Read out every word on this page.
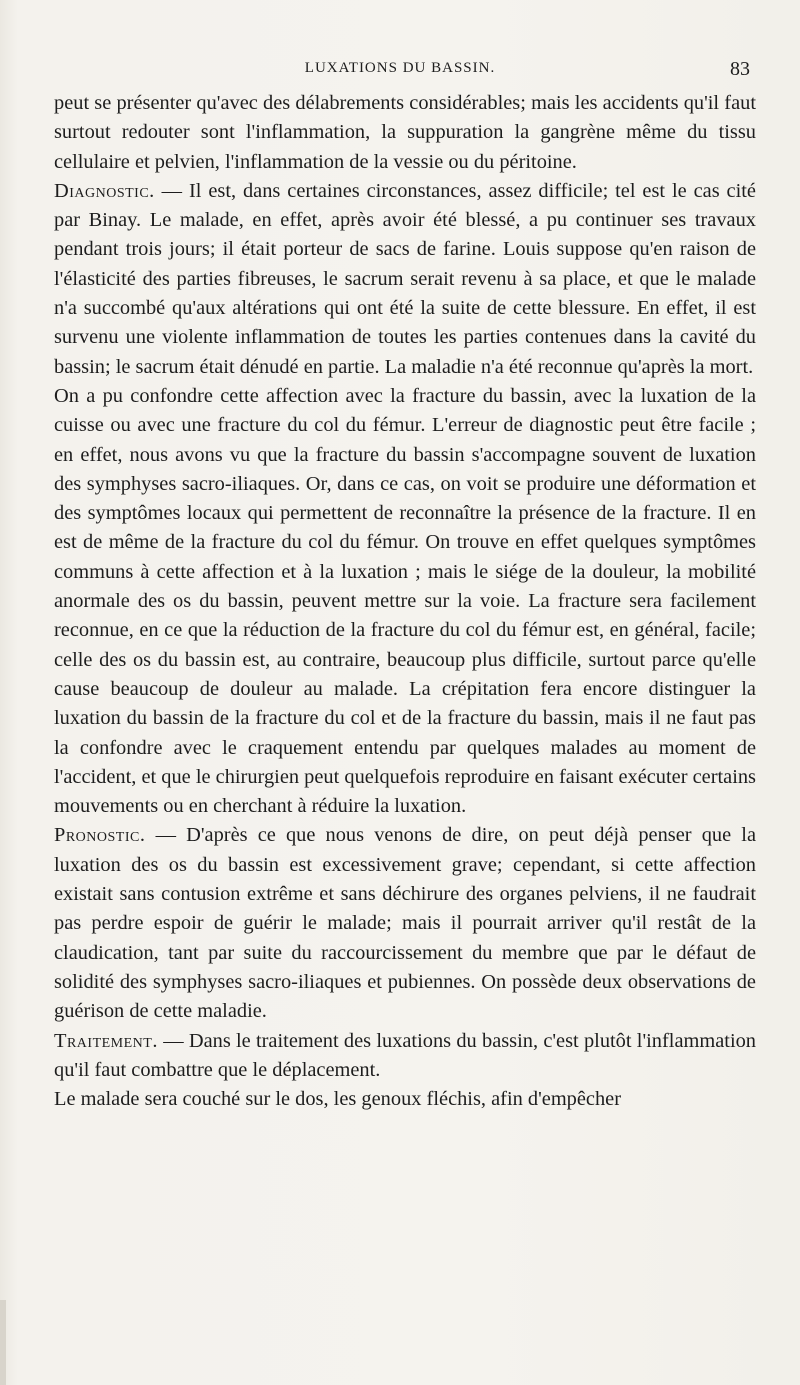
LUXATIONS DU BASSIN.	83

peut se présenter qu'avec des délabrements considérables; mais les accidents qu'il faut surtout redouter sont l'inflammation, la suppuration la gangrène même du tissu cellulaire et pelvien, l'inflammation de la vessie ou du péritoine.

Diagnostic. — Il est, dans certaines circonstances, assez difficile; tel est le cas cité par Binay. Le malade, en effet, après avoir été blessé, a pu continuer ses travaux pendant trois jours; il était porteur de sacs de farine. Louis suppose qu'en raison de l'élasticité des parties fibreuses, le sacrum serait revenu à sa place, et que le malade n'a succombé qu'aux altérations qui ont été la suite de cette blessure. En effet, il est survenu une violente inflammation de toutes les parties contenues dans la cavité du bassin; le sacrum était dénudé en partie. La maladie n'a été reconnue qu'après la mort.

On a pu confondre cette affection avec la fracture du bassin, avec la luxation de la cuisse ou avec une fracture du col du fémur. L'erreur de diagnostic peut être facile ; en effet, nous avons vu que la fracture du bassin s'accompagne souvent de luxation des symphyses sacro-iliaques. Or, dans ce cas, on voit se produire une déformation et des symptômes locaux qui permettent de reconnaître la présence de la fracture. Il en est de même de la fracture du col du fémur. On trouve en effet quelques symptômes communs à cette affection et à la luxation ; mais le siége de la douleur, la mobilité anormale des os du bassin, peuvent mettre sur la voie. La fracture sera facilement reconnue, en ce que la réduction de la fracture du col du fémur est, en général, facile; celle des os du bassin est, au contraire, beaucoup plus difficile, surtout parce qu'elle cause beaucoup de douleur au malade. La crépitation fera encore distinguer la luxation du bassin de la fracture du col et de la fracture du bassin, mais il ne faut pas la confondre avec le craquement entendu par quelques malades au moment de l'accident, et que le chirurgien peut quelquefois reproduire en faisant exécuter certains mouvements ou en cherchant à réduire la luxation.

Pronostic. — D'après ce que nous venons de dire, on peut déjà penser que la luxation des os du bassin est excessivement grave; cependant, si cette affection existait sans contusion extrême et sans déchirure des organes pelviens, il ne faudrait pas perdre espoir de guérir le malade; mais il pourrait arriver qu'il restât de la claudication, tant par suite du raccourcissement du membre que par le défaut de solidité des symphyses sacro-iliaques et pubiennes. On possède deux observations de guérison de cette maladie.

Traitement. — Dans le traitement des luxations du bassin, c'est plutôt l'inflammation qu'il faut combattre que le déplacement.

Le malade sera couché sur le dos, les genoux fléchis, afin d'empêcher
